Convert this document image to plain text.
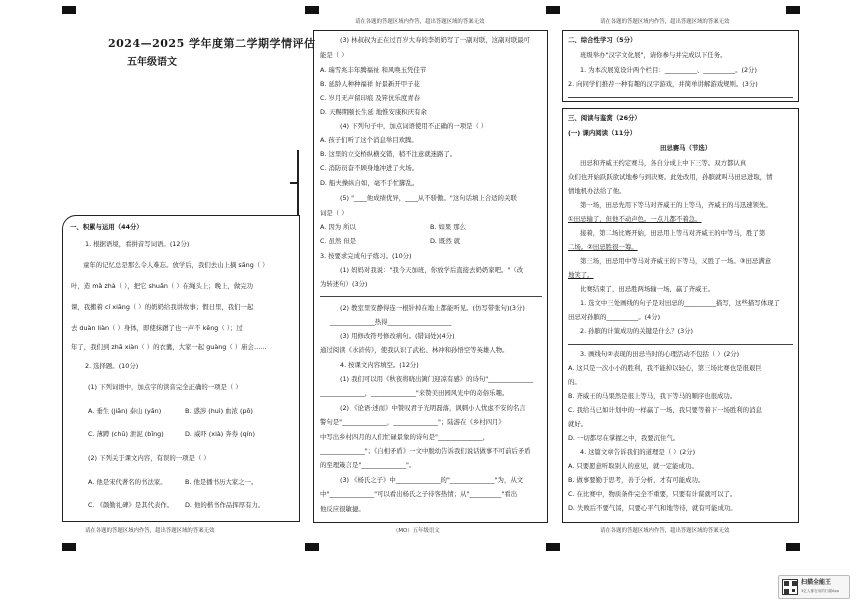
请在各题的答题区域内作答，超出答题区域的答案无效	请在各题的答题区域内作答，超出答题区域的答案无效
请在各题的答题区域内作答，超出答题区域的答案无效	（MO）五年级语文	请在各题的答题区域内作答，超出答题区域的答案无效
2024—2025 学年度第二学期学情评估
五年级语文
一、积累与运用（44分）
1. 根据语境，看拼音写词语。(12分)
童年的记忆总是那么令人难忘。放学后，我们去山上摘 sāng（ ）
叶，造 mǎ zhà（ ），把它 shuǎn（ ）在绳头上；晚上，做完功
课，我搬着 cí xiāng（ ）的奶奶给我讲故事；假日里，我们一起
去 duàn liàn（ ）身体，即使抹蹭了也一声不 kēng（ ）；过
年了，我们到 zhā xiàn（ ）的衣囊，大家一起 guàng（ ）庙会……
2. 选择题。(10分)
(1) 下列词语中，加点字的读音完全正确的一项是（ ）
A. 垂生 (jiān) 泰山 (yǎn)	B. 惑涉 (huì) 血浓 (pō)
C. 薄蹲 (chū) 泄泥 (bīng)	D. 威吓 (xià) 奔券 (qín)
(2) 下列关于课文内容，有误的一项是（ ）
A. 他是宋代著名的书法家。	B. 他是播书历大家之一。
C. 《颜勤礼碑》是其代表作。 D. 他的楷书作品挥厚有力。
(3) 林叔叔为正在过百岁大寿的李奶奶写了一副对联，这副对联最可
能是（ ）
A. 瑞雪兆丰年腾福祉 和风唤玉凭佳节
B. 延龄人种种福祥 好景新开甲子花
C. 岁月无声留印痕 及笄伉乐度青春
D. 天赐期颐长生延 地惟安康积庆有余
(4) 下列句子中，加点词语使用不正确的一项是（ ）
A. 孩子们听了这个消息举目欢腾。
B. 这里的立交桥纵横交错，稍不注意就迷路了。
C. 消防员奋不顾身地冲进了火场。
D. 船夫操纵自如，毫不手忙脚乱。
(5) "____他成绩优异，____从不骄傲。"这句话填上合适的关联
词是（ ）
A. 因为 所以	B. 如果 那么
C. 虽然 但是	D. 既然 就
3. 按要求完成句子练习。(10分)
(1) 妈妈对我说："我今天加班，你放学后直接去奶奶家吧。"（改
为转述句）(3分)
(2) 教室里安静得连一根针掉在地上都能听见。(仿写带张句)(3分)
______________热得____________________
(3) 用修改符号修改病句。(错词处)(4分)
通过阅读《水浒传》，使我认识了武松、林冲和孙悟空等英雄人物。
4. 按课文内容填空。(12分)
(1) 我们可以用《秋夜将晓出篱门迎凉有感》的诗句"______________
______________，______________"来赞美田园风光中的奇俗乐趣。
(2) 《论语·述而》中赞叹君子光明磊落，讽刺小人忧虑不安的名言
警句是"______________，______________"；陆游在《乡村四月》
中写出乡村四月的人们忙碌景象的诗句是"______________，
______________"；《自相矛盾》一文中脱幼告诉我们说话做事不可前后矛盾
的至理箴言是"______________"。
(3) 《杨氏之子》中______________的"______________"为，从文
中"______________"可以看出杨氏之子待客热情；从"__________"看出
他反应很敏捷。
二、综合性学习（5分）
班级举办"汉字文化展"，请你参与并完成以下任务。
1. 为本次展览设计两个栏目：__________、__________。(2分)
2. 向同学们推荐一种有趣的汉字游戏，并简单讲解游戏规则。(3分)
三、阅读与鉴赏（26分）
(一) 课内阅读（11分）
田忌赛马（节选）
田忌和齐威王约定赛马，各自分成上中下三等。双方都认真
众们也开始跃跃欲试地参与到决赛。此处改用，孙膑就叫马田忌进取，情
情地机办法给了他。
第一场，田忌先用下等马对齐威王的上等马，齐威王的马迅速领先。
①田忌输了，但他不动声色。一点儿都不着急。
接着，第二场比赛开始，田忌用上等马对齐威王的中等马，胜了第
二场。②田忌胜很一筹。
第三场，田忌用中等马对齐威王的下等马，又胜了一场。③田忌满意
地笑了。
比赛结束了，田忌胜两场输一场，赢了齐威王。
1. 选文中三处画线的句子是对田忌的__________描写，这些描写体现了
田忌对孙膑的__________。(4分)
2. 孙膑的计策成功的关键是什么？(3分)
3. 画线句②表现的田忌当时的心理活动不包括（ ）(2分)
A. 这只是一次小小的胜利，我不能掉以轻心，第三场比赛也是很艰巨
的。
B. 齐威王的马果然是很上等马，我下等马的顺序也很成功。
C. 我给马已如计划中的一样赢了一场，我只要等着下一场胜利的消息
就好。
D. 一切都尽在掌握之中，我要沉住气。
4. 这篇文章告诉我们的道理是（ ）(2分)
A. 只要愿意听取别人的意见，就一定能成功。
B. 做事要勤于思考，善于分析，才有可能成功。
C. 在比赛中，物质条件完全不重要，只要有计谋就可以了。
D. 失败后不要气馁，只要心平气和地等待，就有可能成功。
扫描全能王
3亿人都在用的扫描App
